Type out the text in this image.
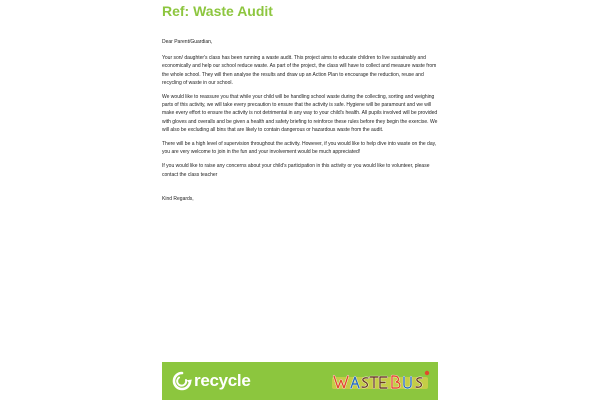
Ref: Waste Audit

Dear Parent/Guardian,

Your son/ daughter's class has been running a waste audit. This project aims to educate children to live sustainably and economically and help our school reduce waste. As part of the project, the class will have to collect and measure waste from the whole school. They will then analyse the results and draw up an Action Plan to encourage the reduction, reuse and recycling of waste in our school.

We would like to reassure you that while your child will be handling school waste during the collecting, sorting and weighing parts of this activity, we will take every precaution to ensure that the activity is safe. Hygiene will be paramount and we will make every effort to ensure the activity is not detrimental in any way to your child's health. All pupils involved will be provided with gloves and overalls and be given a health and safety briefing to reinforce these rules before they begin the exercise. We will also be excluding all bins that are likely to contain dangerous or hazardous waste from the audit.

There will be a high level of supervision throughout the activity. However, if you would like to help dive into waste on the day, you are very welcome to join in the fun and your involvement would be much appreciated!

If you would like to raise any concerns about your child's participation in this activity or you would like to volunteer, please contact the class teacher

Kind Regards,

recycle
